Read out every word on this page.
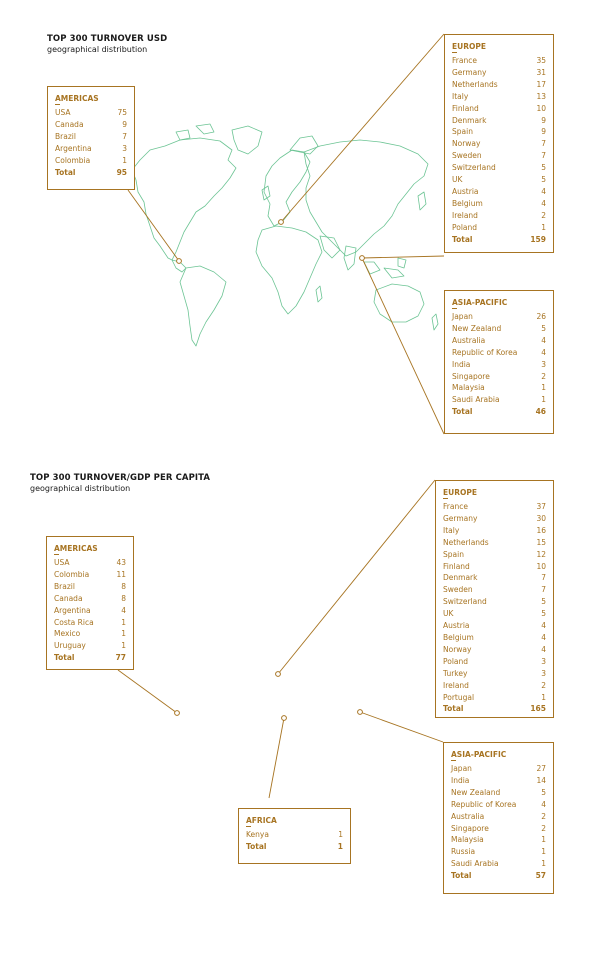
TOP 300 TURNOVER USD
geographical distribution
AMERICAS
USA	75
Canada	9
Brazil	7
Argentina	3
Colombia	1
Total	95
EUROPE
France	35
Germany	31
Netherlands	17
Italy	13
Finland	10
Denmark	9
Spain	9
Norway	7
Sweden	7
Switzerland	5
UK	5
Austria	4
Belgium	4
Ireland	2
Poland	1
Total	159
ASIA-PACIFIC
Japan	26
New Zealand	5
Australia	4
Republic of Korea	4
India	3
Singapore	2
Malaysia	1
Saudi Arabia	1
Total	46
TOP 300 TURNOVER/GDP PER CAPITA
geographical distribution
AMERICAS
USA	43
Colombia	11
Brazil	8
Canada	8
Argentina	4
Costa Rica	1
Mexico	1
Uruguay	1
Total	77
EUROPE
France	37
Germany	30
Italy	16
Netherlands	15
Spain	12
Finland	10
Denmark	7
Sweden	7
Switzerland	5
UK	5
Austria	4
Belgium	4
Norway	4
Poland	3
Turkey	3
Ireland	2
Portugal	1
Total	165
ASIA-PACIFIC
Japan	27
India	14
New Zealand	5
Republic of Korea	4
Australia	2
Singapore	2
Malaysia	1
Russia	1
Saudi Arabia	1
Total	57
AFRICA
Kenya	1
Total	1
